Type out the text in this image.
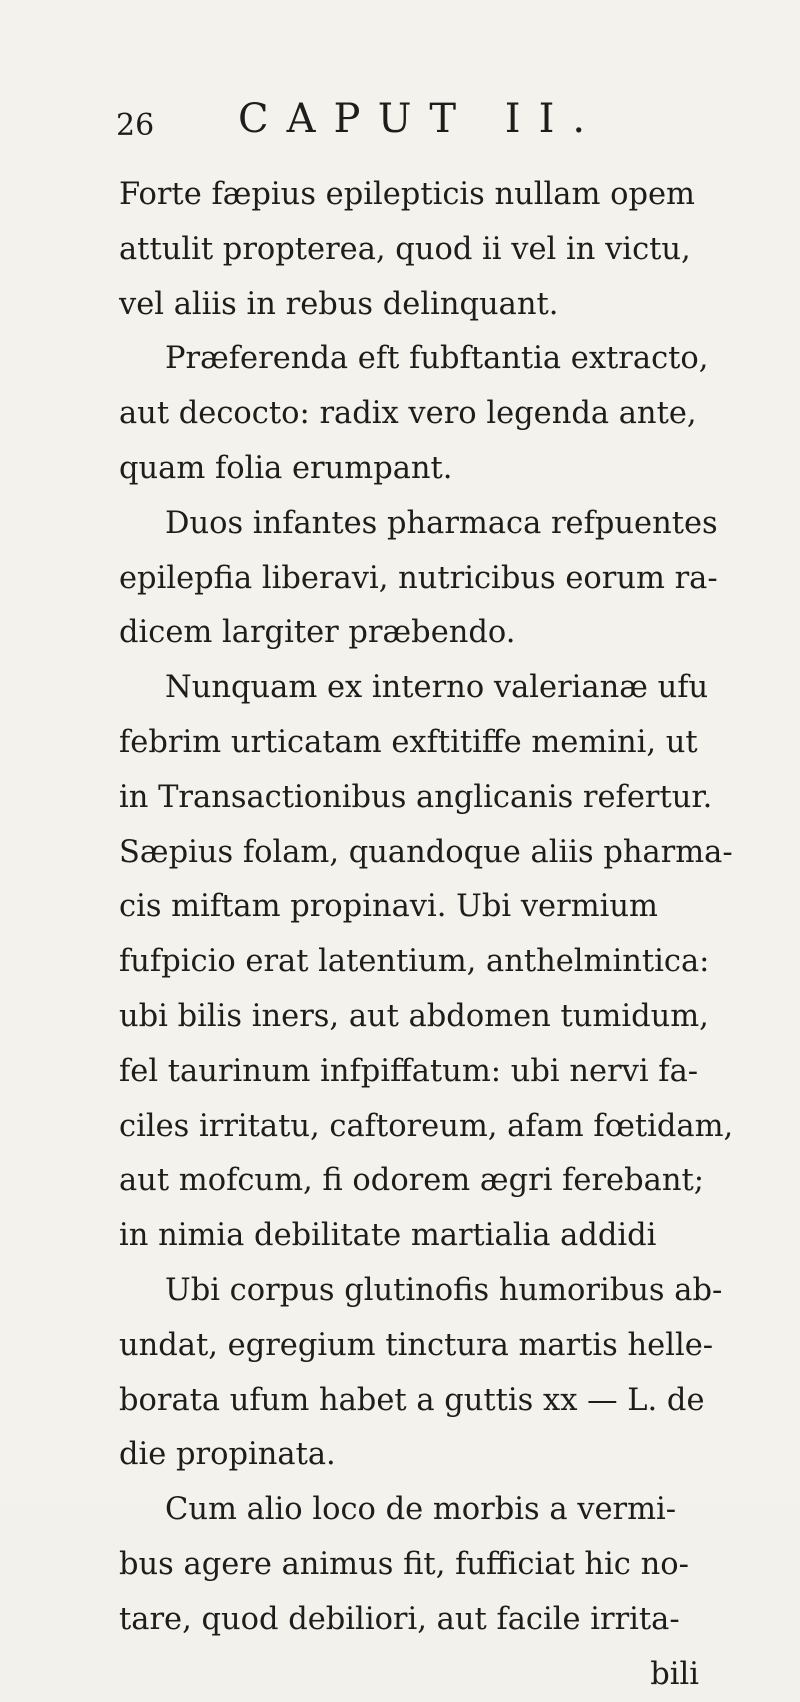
26 CAPUT II.
Forte fæpius epilepticis nullam opem
attulit propterea, quod ii vel in victu,
vel aliis in rebus delinquant.
Præferenda eft fubftantia extracto,
aut decocto: radix vero legenda ante,
quam folia erumpant.
Duos infantes pharmaca refpuentes
epilepfia liberavi, nutricibus eorum ra-
dicem largiter præbendo.
Nunquam ex interno valerianæ ufu
febrim urticatam exftitiffe memini, ut
in Transactionibus anglicanis refertur.
Sæpius folam, quandoque aliis pharma-
cis miftam propinavi. Ubi vermium
fufpicio erat latentium, anthelmintica:
ubi bilis iners, aut abdomen tumidum,
fel taurinum infpiffatum: ubi nervi fa-
ciles irritatu, caftoreum, afam fœtidam,
aut mofcum, fi odorem ægri ferebant;
in nimia debilitate martialia addidi
Ubi corpus glutinofis humoribus ab-
undat, egregium tinctura martis helle-
borata ufum habet a guttis xx — L. de
die propinata.
Cum alio loco de morbis a vermi-
bus agere animus fit, fufficiat hic no-
tare, quod debiliori, aut facile irrita-
bili
